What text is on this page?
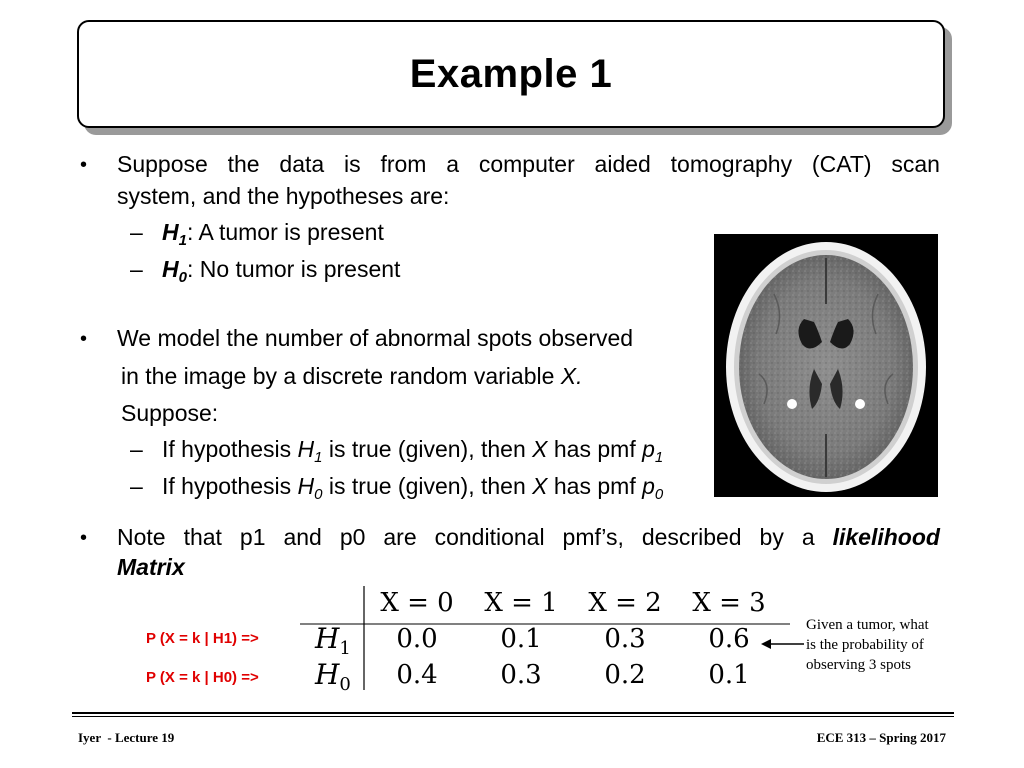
Example 1
• Suppose the data is from a computer aided tomography (CAT) scan
system, and the hypotheses are:
– $H_1$: A tumor is present
– $H_0$: No tumor is present
• We model the number of abnormal spots observed
in the image by a discrete random variable X.
Suppose:
– If hypothesis $H_1$ is true (given), then X has pmf $p_1$
– If hypothesis $H_0$ is true (given), then X has pmf $p_0$
• Note that p1 and p0 are conditional pmf’s, described by a likelihood
Matrix
X = 0	X = 1	X = 2	X = 3
$H_1$	0.0	0.1	0.3	0.6
$H_0$	0.4	0.3	0.2	0.1
P (X = k | H1) =>
P (X = k | H0) =>
Given a tumor, what
is the probability of
observing 3 spots
Iyer  - Lecture 19	ECE 313 – Spring 2017
